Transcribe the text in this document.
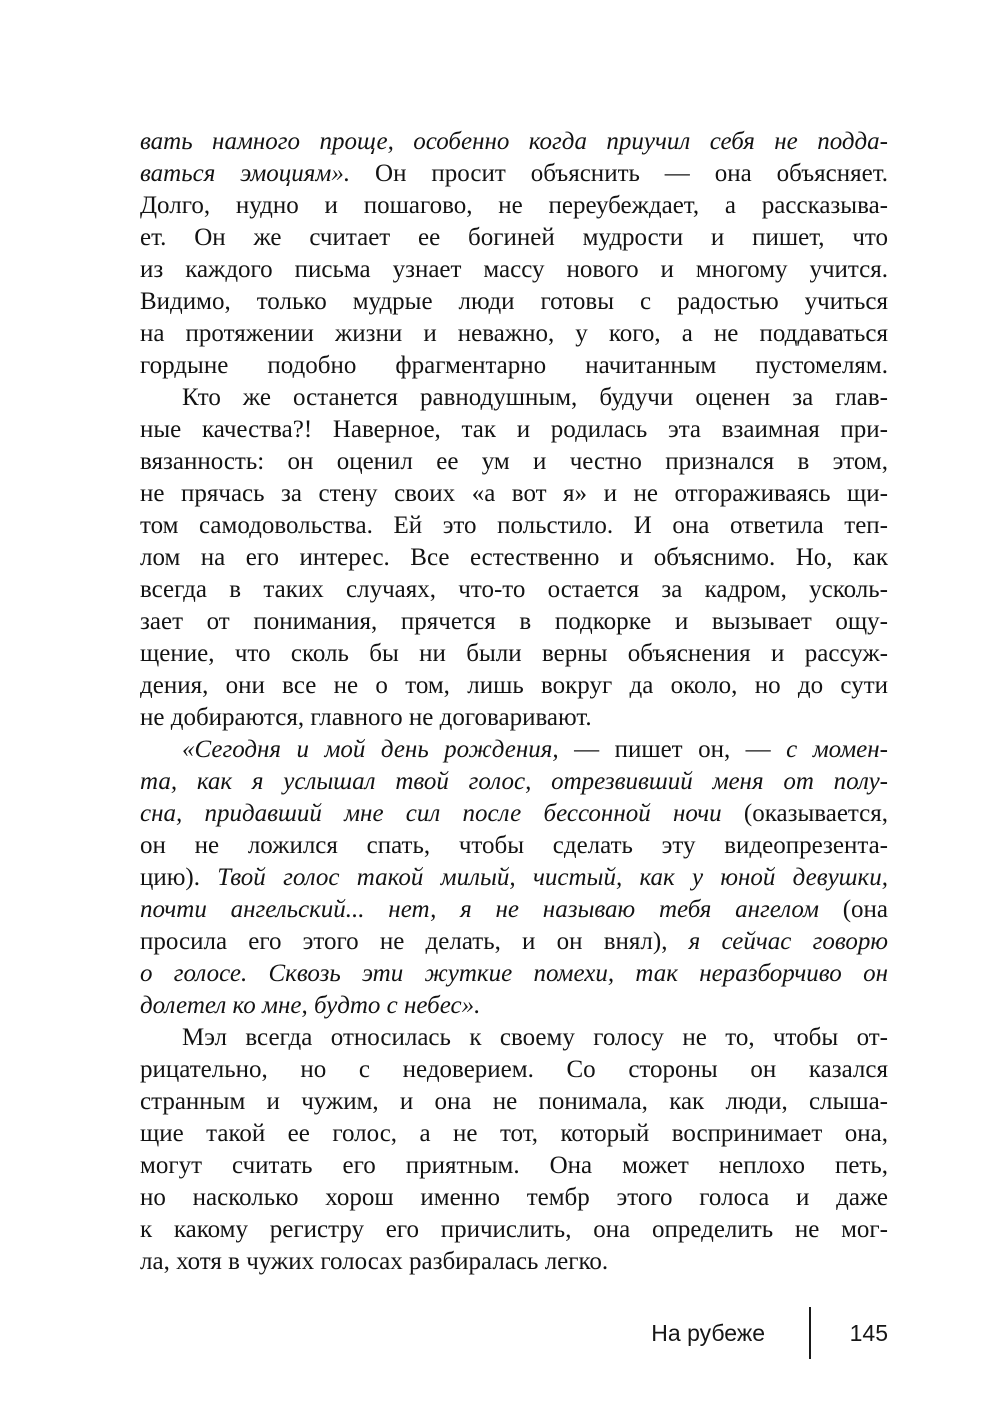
вать намного проще, особенно когда приучил себя не подда-
ваться эмоциям». Он просит объяснить — она объясняет.
Долго, нудно и пошагово, не переубеждает, а рассказыва-
ет. Он же считает ее богиней мудрости и пишет, что
из каждого письма узнает массу нового и многому учится.
Видимо, только мудрые люди готовы с радостью учиться
на протяжении жизни и неважно, у кого, а не поддаваться
гордыне подобно фрагментарно начитанным пустомелям.
Кто же останется равнодушным, будучи оценен за глав-
ные качества?! Наверное, так и родилась эта взаимная при-
вязанность: он оценил ее ум и честно признался в этом,
не прячась за стену своих «а вот я» и не отгораживаясь щи-
том самодовольства. Ей это польстило. И она ответила теп-
лом на его интерес. Все естественно и объяснимо. Но, как
всегда в таких случаях, что-то остается за кадром, усколь-
зает от понимания, прячется в подкорке и вызывает ощу-
щение, что сколь бы ни были верны объяснения и рассуж-
дения, они все не о том, лишь вокруг да около, но до сути
не добираются, главного не договаривают.
«Сегодня и мой день рождения, — пишет он, — с момен-
та, как я услышал твой голос, отрезвивший меня от полу-
сна, придавший мне сил после бессонной ночи (оказывается,
он не ложился спать, чтобы сделать эту видеопрезента-
цию). Твой голос такой милый, чистый, как у юной девушки,
почти ангельский... нет, я не называю тебя ангелом (она
просила его этого не делать, и он внял), я сейчас говорю
о голосе. Сквозь эти жуткие помехи, так неразборчиво он
долетел ко мне, будто с небес».
Мэл всегда относилась к своему голосу не то, чтобы от-
рицательно, но с недоверием. Со стороны он казался
странным и чужим, и она не понимала, как люди, слыша-
щие такой ее голос, а не тот, который воспринимает она,
могут считать его приятным. Она может неплохо петь,
но насколько хорош именно тембр этого голоса и даже
к какому регистру его причислить, она определить не мог-
ла, хотя в чужих голосах разбиралась легко.
На рубеже	145
